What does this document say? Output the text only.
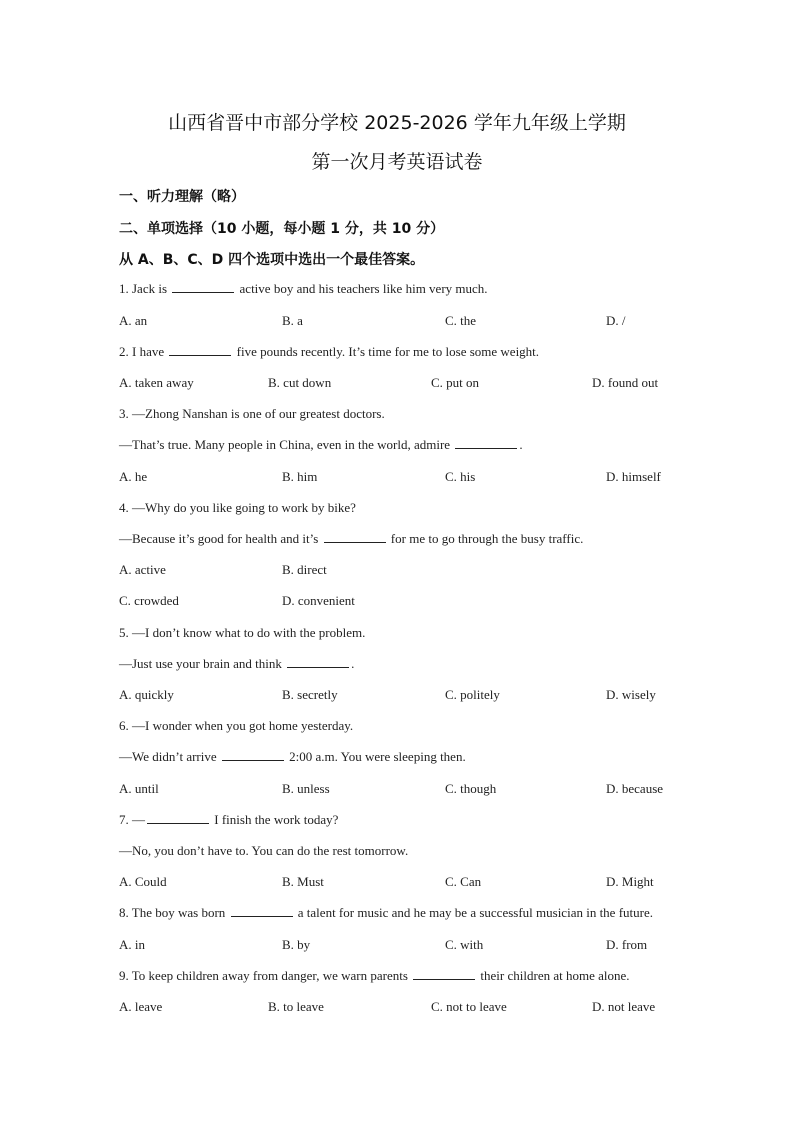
山西省晋中市部分学校 2025-2026 学年九年级上学期
第一次月考英语试卷
一、听力理解（略）
二、单项选择（10 小题，每小题 1 分，共 10 分）
从 A、B、C、D 四个选项中选出一个最佳答案。
1. Jack is	active boy and his teachers like him very much.
A. an	B. a	C. the	D. /
2. I have	five pounds recently. It’s time for me to lose some weight.
A. taken away	B. cut down	C. put on	D. found out
3. —Zhong Nanshan is one of our greatest doctors.
—That’s true. Many people in China, even in the world, admire	.
A. he	B. him	C. his	D. himself
4. —Why do you like going to work by bike?
—Because it’s good for health and it’s	for me to go through the busy traffic.
A. active	B. direct
C. crowded	D. convenient
5. —I don’t know what to do with the problem.
—Just use your brain and think	.
A. quickly	B. secretly	C. politely	D. wisely
6. —I wonder when you got home yesterday.
—We didn’t arrive	2:00 a.m. You were sleeping then.
A. until	B. unless	C. though	D. because
7. —	I finish the work today?
—No, you don’t have to. You can do the rest tomorrow.
A. Could	B. Must	C. Can	D. Might
8. The boy was born	a talent for music and he may be a successful musician in the future.
A. in	B. by	C. with	D. from
9. To keep children away from danger, we warn parents	their children at home alone.
A. leave	B. to leave	C. not to leave	D. not leave
